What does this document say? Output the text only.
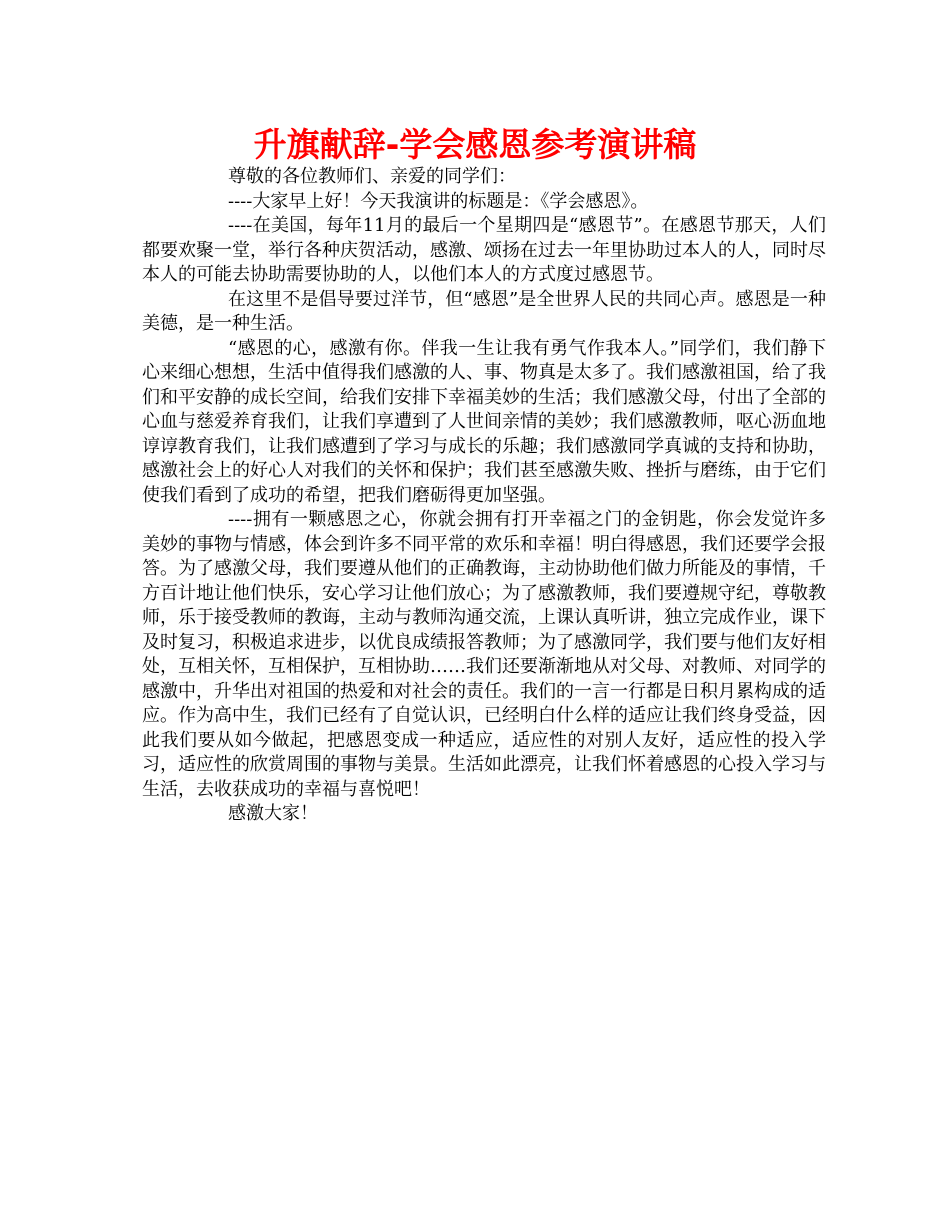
升旗献辞-学会感恩参考演讲稿

尊敬的各位教师们、亲爱的同学们：

----大家早上好！今天我演讲的标题是：《学会感恩》。

----在美国，每年11月的最后一个星期四是“感恩节”。在感恩节那天，人们都要欢聚一堂，举行各种庆贺活动，感激、颂扬在过去一年里协助过本人的人，同时尽本人的可能去协助需要协助的人，以他们本人的方式度过感恩节。

在这里不是倡导要过洋节，但“感恩”是全世界人民的共同心声。感恩是一种美德，是一种生活。

“感恩的心，感激有你。伴我一生让我有勇气作我本人。”同学们，我们静下心来细心想想，生活中值得我们感激的人、事、物真是太多了。我们感激祖国，给了我们和平安静的成长空间，给我们安排下幸福美妙的生活；我们感激父母，付出了全部的心血与慈爱养育我们，让我们享遭到了人世间亲情的美妙；我们感激教师，呕心沥血地谆谆教育我们，让我们感遭到了学习与成长的乐趣；我们感激同学真诚的支持和协助，感激社会上的好心人对我们的关怀和保护；我们甚至感激失败、挫折与磨练，由于它们使我们看到了成功的希望，把我们磨砺得更加坚强。

----拥有一颗感恩之心，你就会拥有打开幸福之门的金钥匙，你会发觉许多美妙的事物与情感，体会到许多不同平常的欢乐和幸福！明白得感恩，我们还要学会报答。为了感激父母，我们要遵从他们的正确教诲，主动协助他们做力所能及的事情，千方百计地让他们快乐，安心学习让他们放心；为了感激教师，我们要遵规守纪，尊敬教师，乐于接受教师的教诲，主动与教师沟通交流，上课认真听讲，独立完成作业，课下及时复习，积极追求进步，以优良成绩报答教师；为了感激同学，我们要与他们友好相处，互相关怀，互相保护，互相协助……我们还要渐渐地从对父母、对教师、对同学的感激中，升华出对祖国的热爱和对社会的责任。我们的一言一行都是日积月累构成的适应。作为高中生，我们已经有了自觉认识，已经明白什么样的适应让我们终身受益，因此我们要从如今做起，把感恩变成一种适应，适应性的对别人友好，适应性的投入学习，适应性的欣赏周围的事物与美景。生活如此漂亮，让我们怀着感恩的心投入学习与生活，去收获成功的幸福与喜悦吧！

感激大家！
